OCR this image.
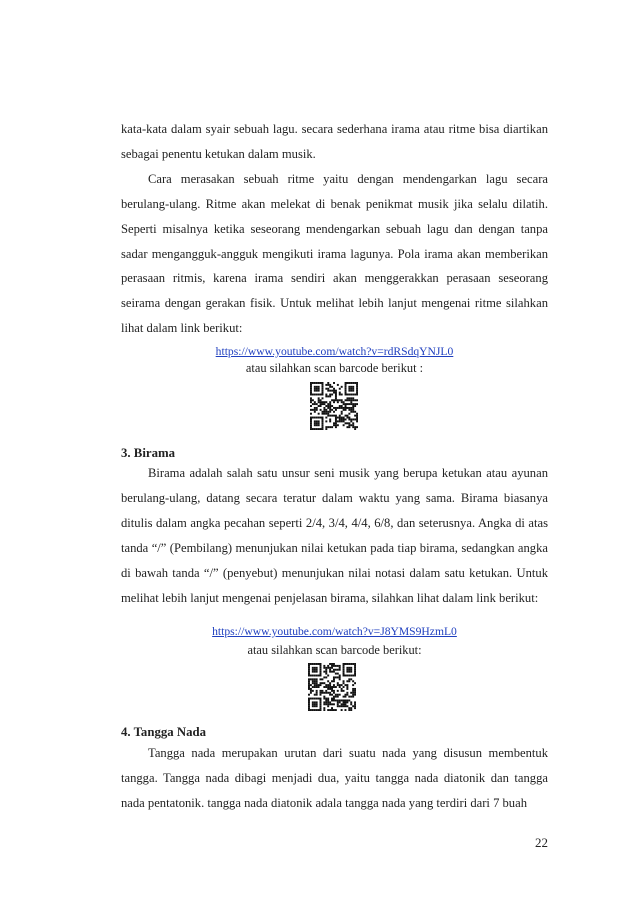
kata-kata dalam syair sebuah lagu. secara sederhana irama atau ritme bisa diartikan sebagai penentu ketukan dalam musik.

Cara merasakan sebuah ritme yaitu dengan mendengarkan lagu secara berulang-ulang. Ritme akan melekat di benak penikmat musik jika selalu dilatih. Seperti misalnya ketika seseorang mendengarkan sebuah lagu dan dengan tanpa sadar mengangguk-angguk mengikuti irama lagunya. Pola irama akan memberikan perasaan ritmis, karena irama sendiri akan menggerakkan perasaan seseorang seirama dengan gerakan fisik. Untuk melihat lebih lanjut mengenai ritme silahkan lihat dalam link berikut:

https://www.youtube.com/watch?v=rdRSdqYNJL0
atau silahkan scan barcode berikut :
3. Birama

Birama adalah salah satu unsur seni musik yang berupa ketukan atau ayunan berulang-ulang, datang secara teratur dalam waktu yang sama. Birama biasanya ditulis dalam angka pecahan seperti 2/4, 3/4, 4/4, 6/8, dan seterusnya. Angka di atas tanda “/” (Pembilang) menunjukan nilai ketukan pada tiap birama, sedangkan angka di bawah tanda “/” (penyebut) menunjukan nilai notasi dalam satu ketukan. Untuk melihat lebih lanjut mengenai penjelasan birama, silahkan lihat dalam link berikut:

https://www.youtube.com/watch?v=J8YMS9HzmL0
atau silahkan scan barcode berikut:
4. Tangga Nada

Tangga nada merupakan urutan dari suatu nada yang disusun membentuk tangga. Tangga nada dibagi menjadi dua, yaitu tangga nada diatonik dan tangga nada pentatonik. tangga nada diatonik adala tangga nada yang terdiri dari 7 buah

22
